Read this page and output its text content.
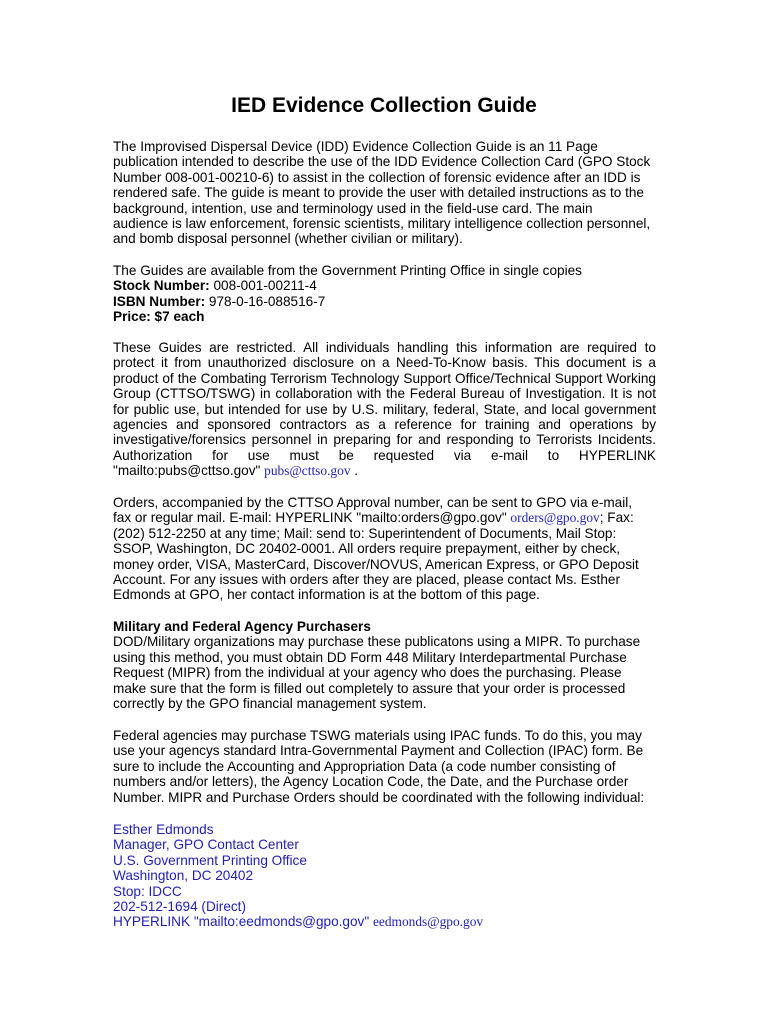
IED Evidence Collection Guide
The Improvised Dispersal Device (IDD) Evidence Collection Guide is an 11 Page
publication intended to describe the use of the IDD Evidence Collection Card (GPO Stock
Number 008-001-00210-6) to assist in the collection of forensic evidence after an IDD is
rendered safe. The guide is meant to provide the user with detailed instructions as to the
background, intention, use and terminology used in the field-use card. The main
audience is law enforcement, forensic scientists, military intelligence collection personnel,
and bomb disposal personnel (whether civilian or military).
The Guides are available from the Government Printing Office in single copies
Stock Number: 008-001-00211-4
ISBN Number: 978-0-16-088516-7
Price: $7 each

These Guides are restricted. All individuals handling this information are required to protect it from unauthorized disclosure on a Need-To-Know basis. This document is a product of the Combating Terrorism Technology Support Office/Technical Support Working Group (CTTSO/TSWG) in collaboration with the Federal Bureau of Investigation. It is not for public use, but intended for use by U.S. military, federal, State, and local government agencies and sponsored contractors as a reference for training and operations by investigative/forensics personnel in preparing for and responding to Terrorists Incidents. Authorization for use must be requested via e-mail to HYPERLINK "mailto:pubs@cttso.gov" pubs@cttso.gov .

Orders, accompanied by the CTTSO Approval number, can be sent to GPO via e-mail,
fax or regular mail. E-mail: HYPERLINK "mailto:orders@gpo.gov" orders@gpo.gov; Fax:
(202) 512-2250 at any time; Mail: send to: Superintendent of Documents, Mail Stop:
SSOP, Washington, DC 20402-0001. All orders require prepayment, either by check,
money order, VISA, MasterCard, Discover/NOVUS, American Express, or GPO Deposit
Account. For any issues with orders after they are placed, please contact Ms. Esther
Edmonds at GPO, her contact information is at the bottom of this page.
Military and Federal Agency Purchasers
DOD/Military organizations may purchase these publicatons using a MIPR. To purchase
using this method, you must obtain DD Form 448 Military Interdepartmental Purchase
Request (MIPR) from the individual at your agency who does the purchasing. Please
make sure that the form is filled out completely to assure that your order is processed
correctly by the GPO financial management system.
Federal agencies may purchase TSWG materials using IPAC funds. To do this, you may
use your agencys standard Intra-Governmental Payment and Collection (IPAC) form. Be
sure to include the Accounting and Appropriation Data (a code number consisting of
numbers and/or letters), the Agency Location Code, the Date, and the Purchase order
Number. MIPR and Purchase Orders should be coordinated with the following individual:
Esther Edmonds
Manager, GPO Contact Center
U.S. Government Printing Office
Washington, DC 20402
Stop: IDCC
202-512-1694 (Direct)
HYPERLINK "mailto:eedmonds@gpo.gov" eedmonds@gpo.gov
